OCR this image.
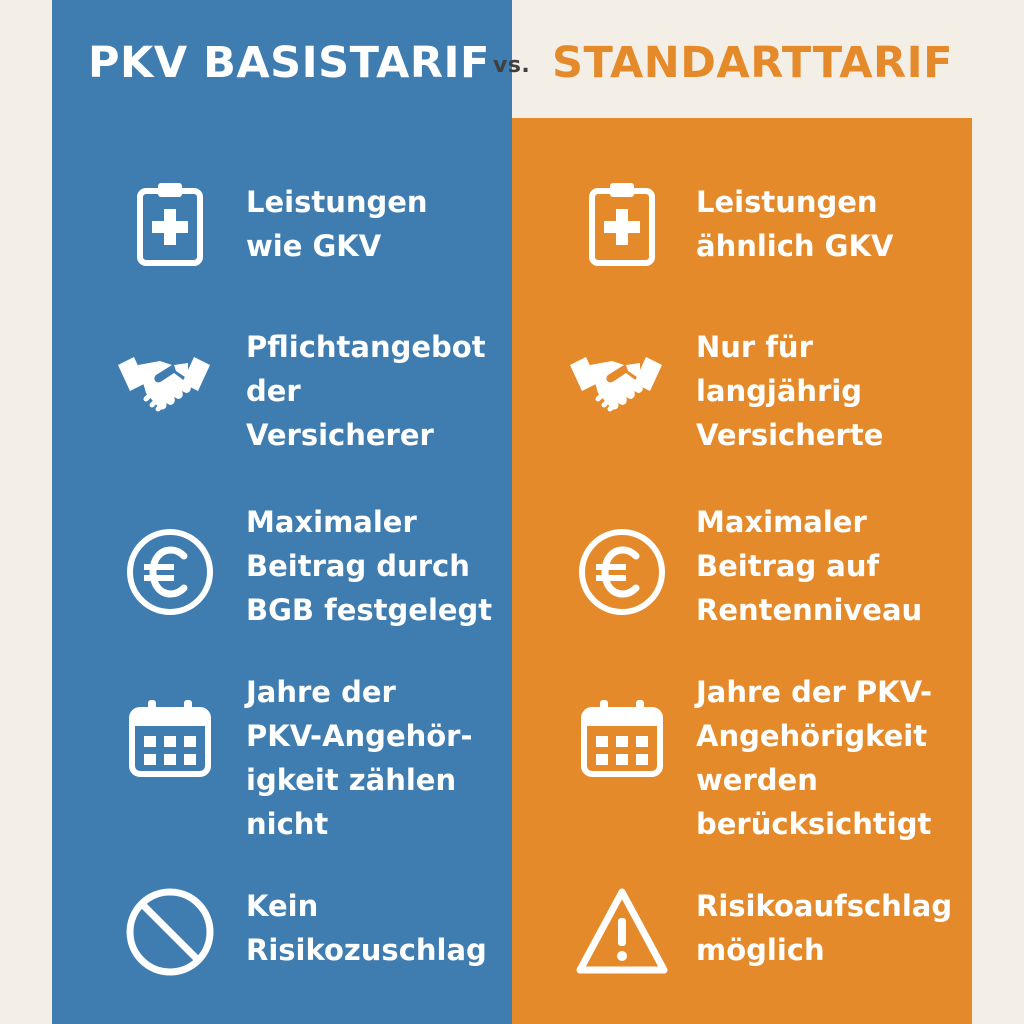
PKV BASISTARIF vs. STANDARTTARIF
Leistungen
wie GKV
Pflichtangebot
der
Versicherer
Maximaler
Beitrag durch
BGB festgelegt
Jahre der
PKV-Angehör-
igkeit zählen
nicht
Kein
Risikozuschlag
Leistungen
ähnlich GKV
Nur für
langjährig
Versicherte
Maximaler
Beitrag auf
Rentenniveau
Jahre der PKV-
Angehörigkeit
werden
berücksichtigt
Risikoaufschlag
möglich
